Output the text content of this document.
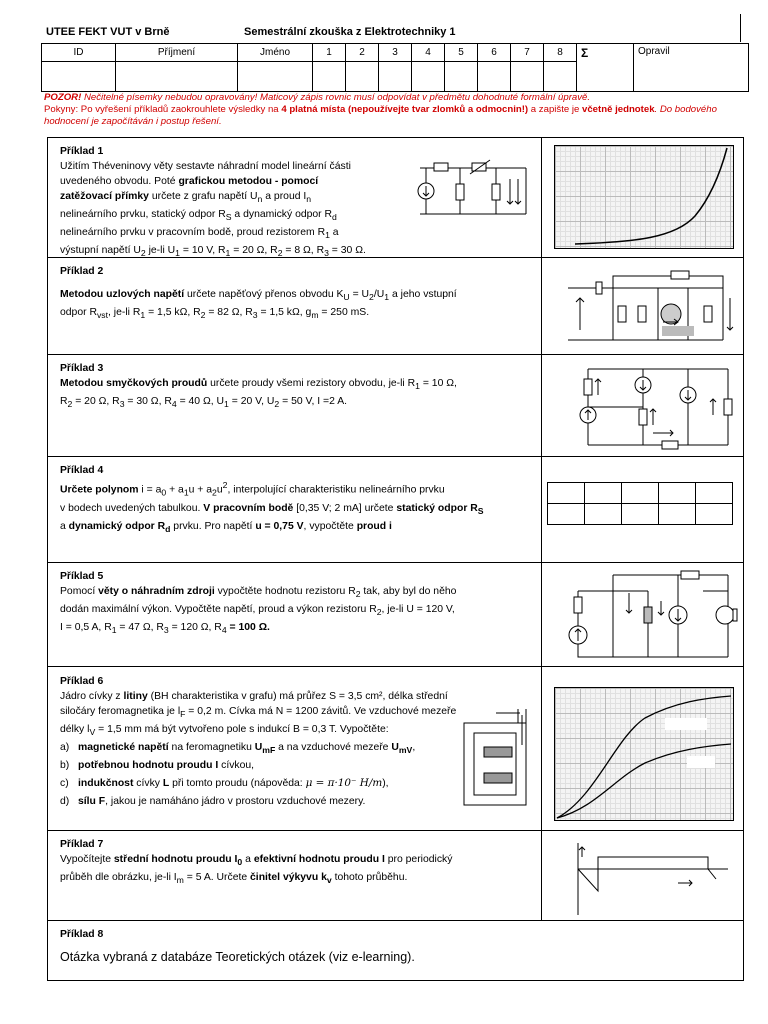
UTEE FEKT VUT v Brně	Semestrální zkouška z Elektrotechniky 1
ID	Příjmení	Jméno	1	2	3	4	5	6	7	8	Σ	Opravil

POZOR! Nečitelné písemky nebudou opravovány! Maticový zápis rovnic musí odpovídat v předmětu dohodnuté formální úpravě.
Pokyny: Po vyřešení příkladů zaokrouhlete výsledky na 4 platná místa (nepoužívejte tvar zlomků a odmocnin!) a zapište je včetně jednotek. Do bodového hodnocení je započítáván i postup řešení.
Příklad 1
Užitím Théveninovy věty sestavte náhradní model lineární části
uvedeného obvodu. Poté grafickou metodou - pomocí
zatěžovací přímky určete z grafu napětí $U_n$ a proud $I_n$
nelineárního prvku, statický odpor $R_S$ a dynamický odpor $R_d$
nelineárního prvku v pracovním bodě, proud rezistorem $R_1$ a
výstupní napětí $U_2$ je-li $U_1 = 10$ V, $R_1 = 20$ Ω, $R_2 = 8$ Ω, $R_3 = 30$ Ω.
Příklad 2
Metodou uzlových napětí určete napěťový přenos obvodu $K_U = U_2/U_1$ a jeho vstupní
odpor $R_{vst}$, je-li $R_1 = 1,5$ kΩ, $R_2 = 82$ Ω, $R_3 = 1,5$ kΩ, $g_m = 250$ mS.
Příklad 3
Metodou smyčkových proudů určete proudy všemi rezistory obvodu, je-li $R_1 = 10$ Ω,
$R_2 = 20$ Ω, $R_3 = 30$ Ω, $R_4 = 40$ Ω, $U_1 = 20$ V, $U_2 = 50$ V, I =2 A.
Příklad 4
Určete polynom $i = a_0 + a_1u + a_2u^2$, interpolující charakteristiku nelineárního prvku
v bodech uvedených tabulkou. V pracovním bodě [0,35 V; 2 mA] určete statický odpor $R_S$
a dynamický odpor $R_d$ prvku. Pro napětí u = 0,75 V, vypočtěte proud i

Příklad 5
Pomocí věty o náhradním zdroji vypočtěte hodnotu rezistoru $R_2$ tak, aby byl do něho
dodán maximální výkon. Vypočtěte napětí, proud a výkon rezistoru $R_2$, je-li U = 120 V,
I = 0,5 A, $R_1 = 47$ Ω, $R_3 = 120$ Ω, $R_4 = 100$ Ω.
Příklad 6
Jádro cívky z litiny (BH charakteristika v grafu) má průřez S = 3,5 cm², délka střední
siločáry feromagnetika je $l_F = 0,2$ m. Cívka má N = 1200 závitů. Ve vzduchové mezeře
délky $l_V = 1,5$ mm má být vytvořeno pole s indukcí B = 0,3 T. Vypočtěte:
a) magnetické napětí na feromagnetiku $U_{mF}$ a na vzduchové mezeře $U_{mV}$,
b) potřebnou hodnotu proudu I cívkou,
c) indukčnost cívky L při tomto proudu (nápověda: μ = π·10⁻ H/m),
d) sílu F, jakou je namáháno jádro v prostoru vzduchové mezery.
Příklad 7
Vypočítejte střední hodnotu proudu $I_0$ a efektivní hodnotu proudu I pro periodický
průběh dle obrázku, je-li $I_m = 5$ A. Určete činitel výkyvu $k_v$ tohoto průběhu.
Příklad 8
Otázka vybraná z databáze Teoretických otázek (viz e-learning).
